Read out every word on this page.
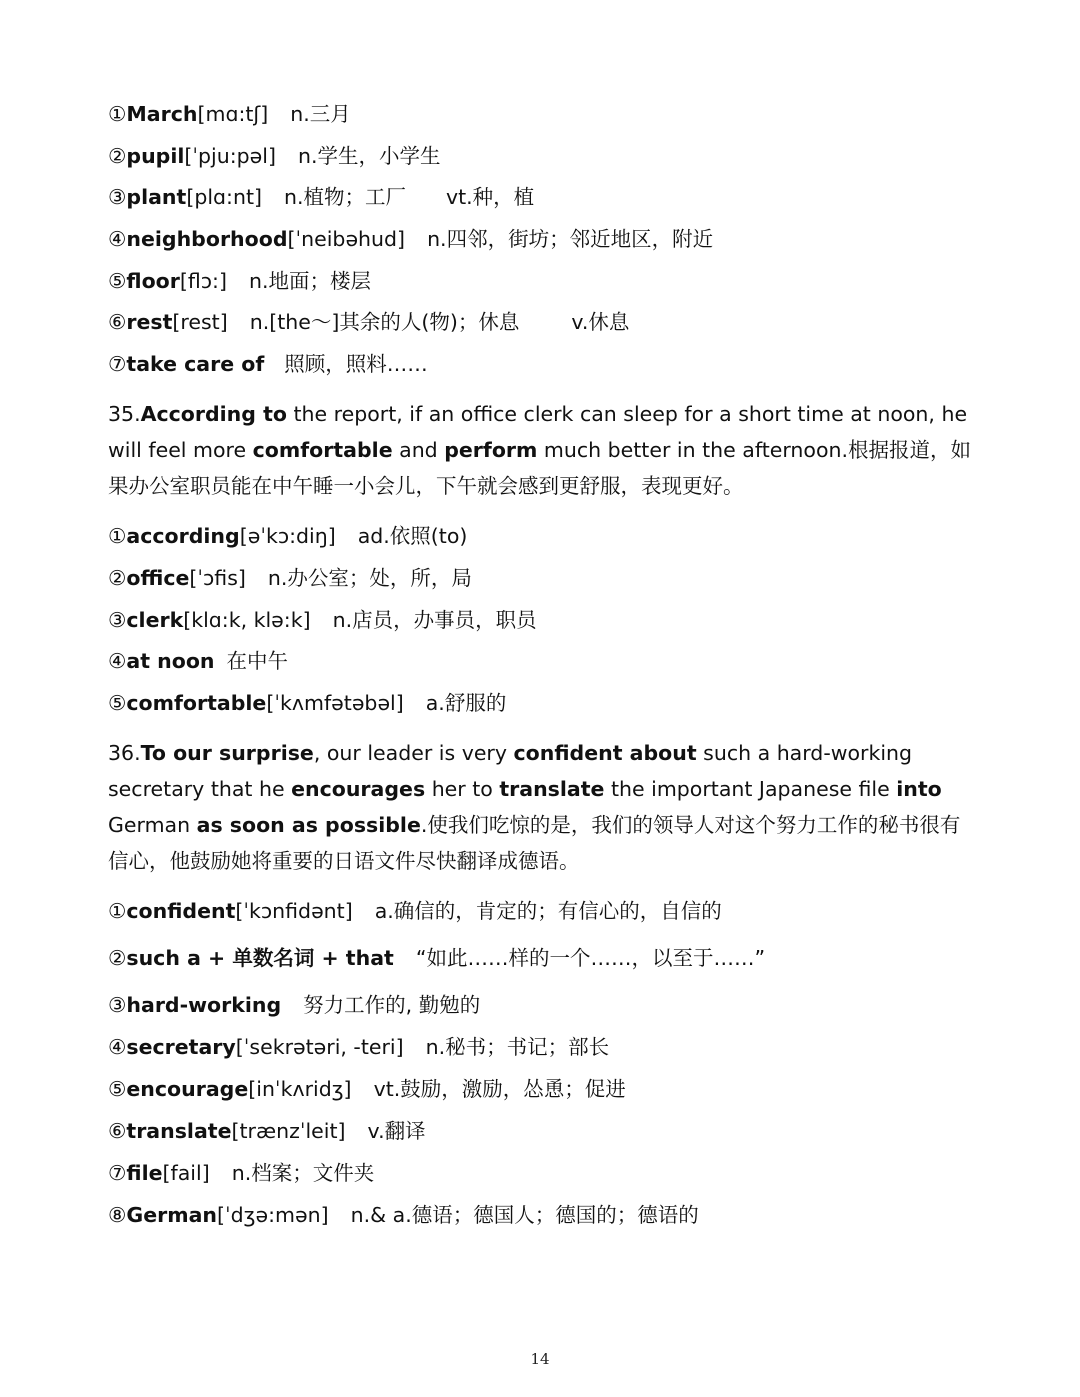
①March[mɑ:tʃ] n.三月
②pupil[ˈpju:pəl] n.学生，小学生
③plant[plɑ:nt] n.植物；工厂 vt.种，植
④neighborhood[ˈneibəhud] n.四邻，街坊；邻近地区，附近
⑤floor[flɔ:] n.地面；楼层
⑥rest[rest] n.[the～]其余的人(物)；休息	v.休息
⑦take care of 照顾，照料……
35.According to the report, if an office clerk can sleep for a short time at noon, he will feel more comfortable and perform much better in the afternoon.根据报道，如果办公室职员能在中午睡一小会儿，下午就会感到更舒服，表现更好。
①according[əˈkɔ:diŋ] ad.依照(to)
②office[ˈɔfis] n.办公室；处，所，局
③clerk[klɑ:k, klə:k] n.店员，办事员，职员
④at noon 在中午
⑤comfortable[ˈkʌmfətəbəl] a.舒服的
36.To our surprise, our leader is very confident about such a hard-working secretary that he encourages her to translate the important Japanese file into German as soon as possible.使我们吃惊的是，我们的领导人对这个努力工作的秘书很有信心，他鼓励她将重要的日语文件尽快翻译成德语。
①confident[ˈkɔnfidənt] a.确信的，肯定的；有信心的，自信的
②such a + 单数名词 + that “如此……样的一个……，以至于……”
③hard-working 努力工作的, 勤勉的
④secretary[ˈsekrətəri, -teri] n.秘书；书记；部长
⑤encourage[inˈkʌridʒ] vt.鼓励，激励，怂恿；促进
⑥translate[trænzˈleit] v.翻译
⑦file[fail] n.档案；文件夹
⑧German[ˈdʒə:mən] n.& a.德语；德国人；德国的；德语的
14
